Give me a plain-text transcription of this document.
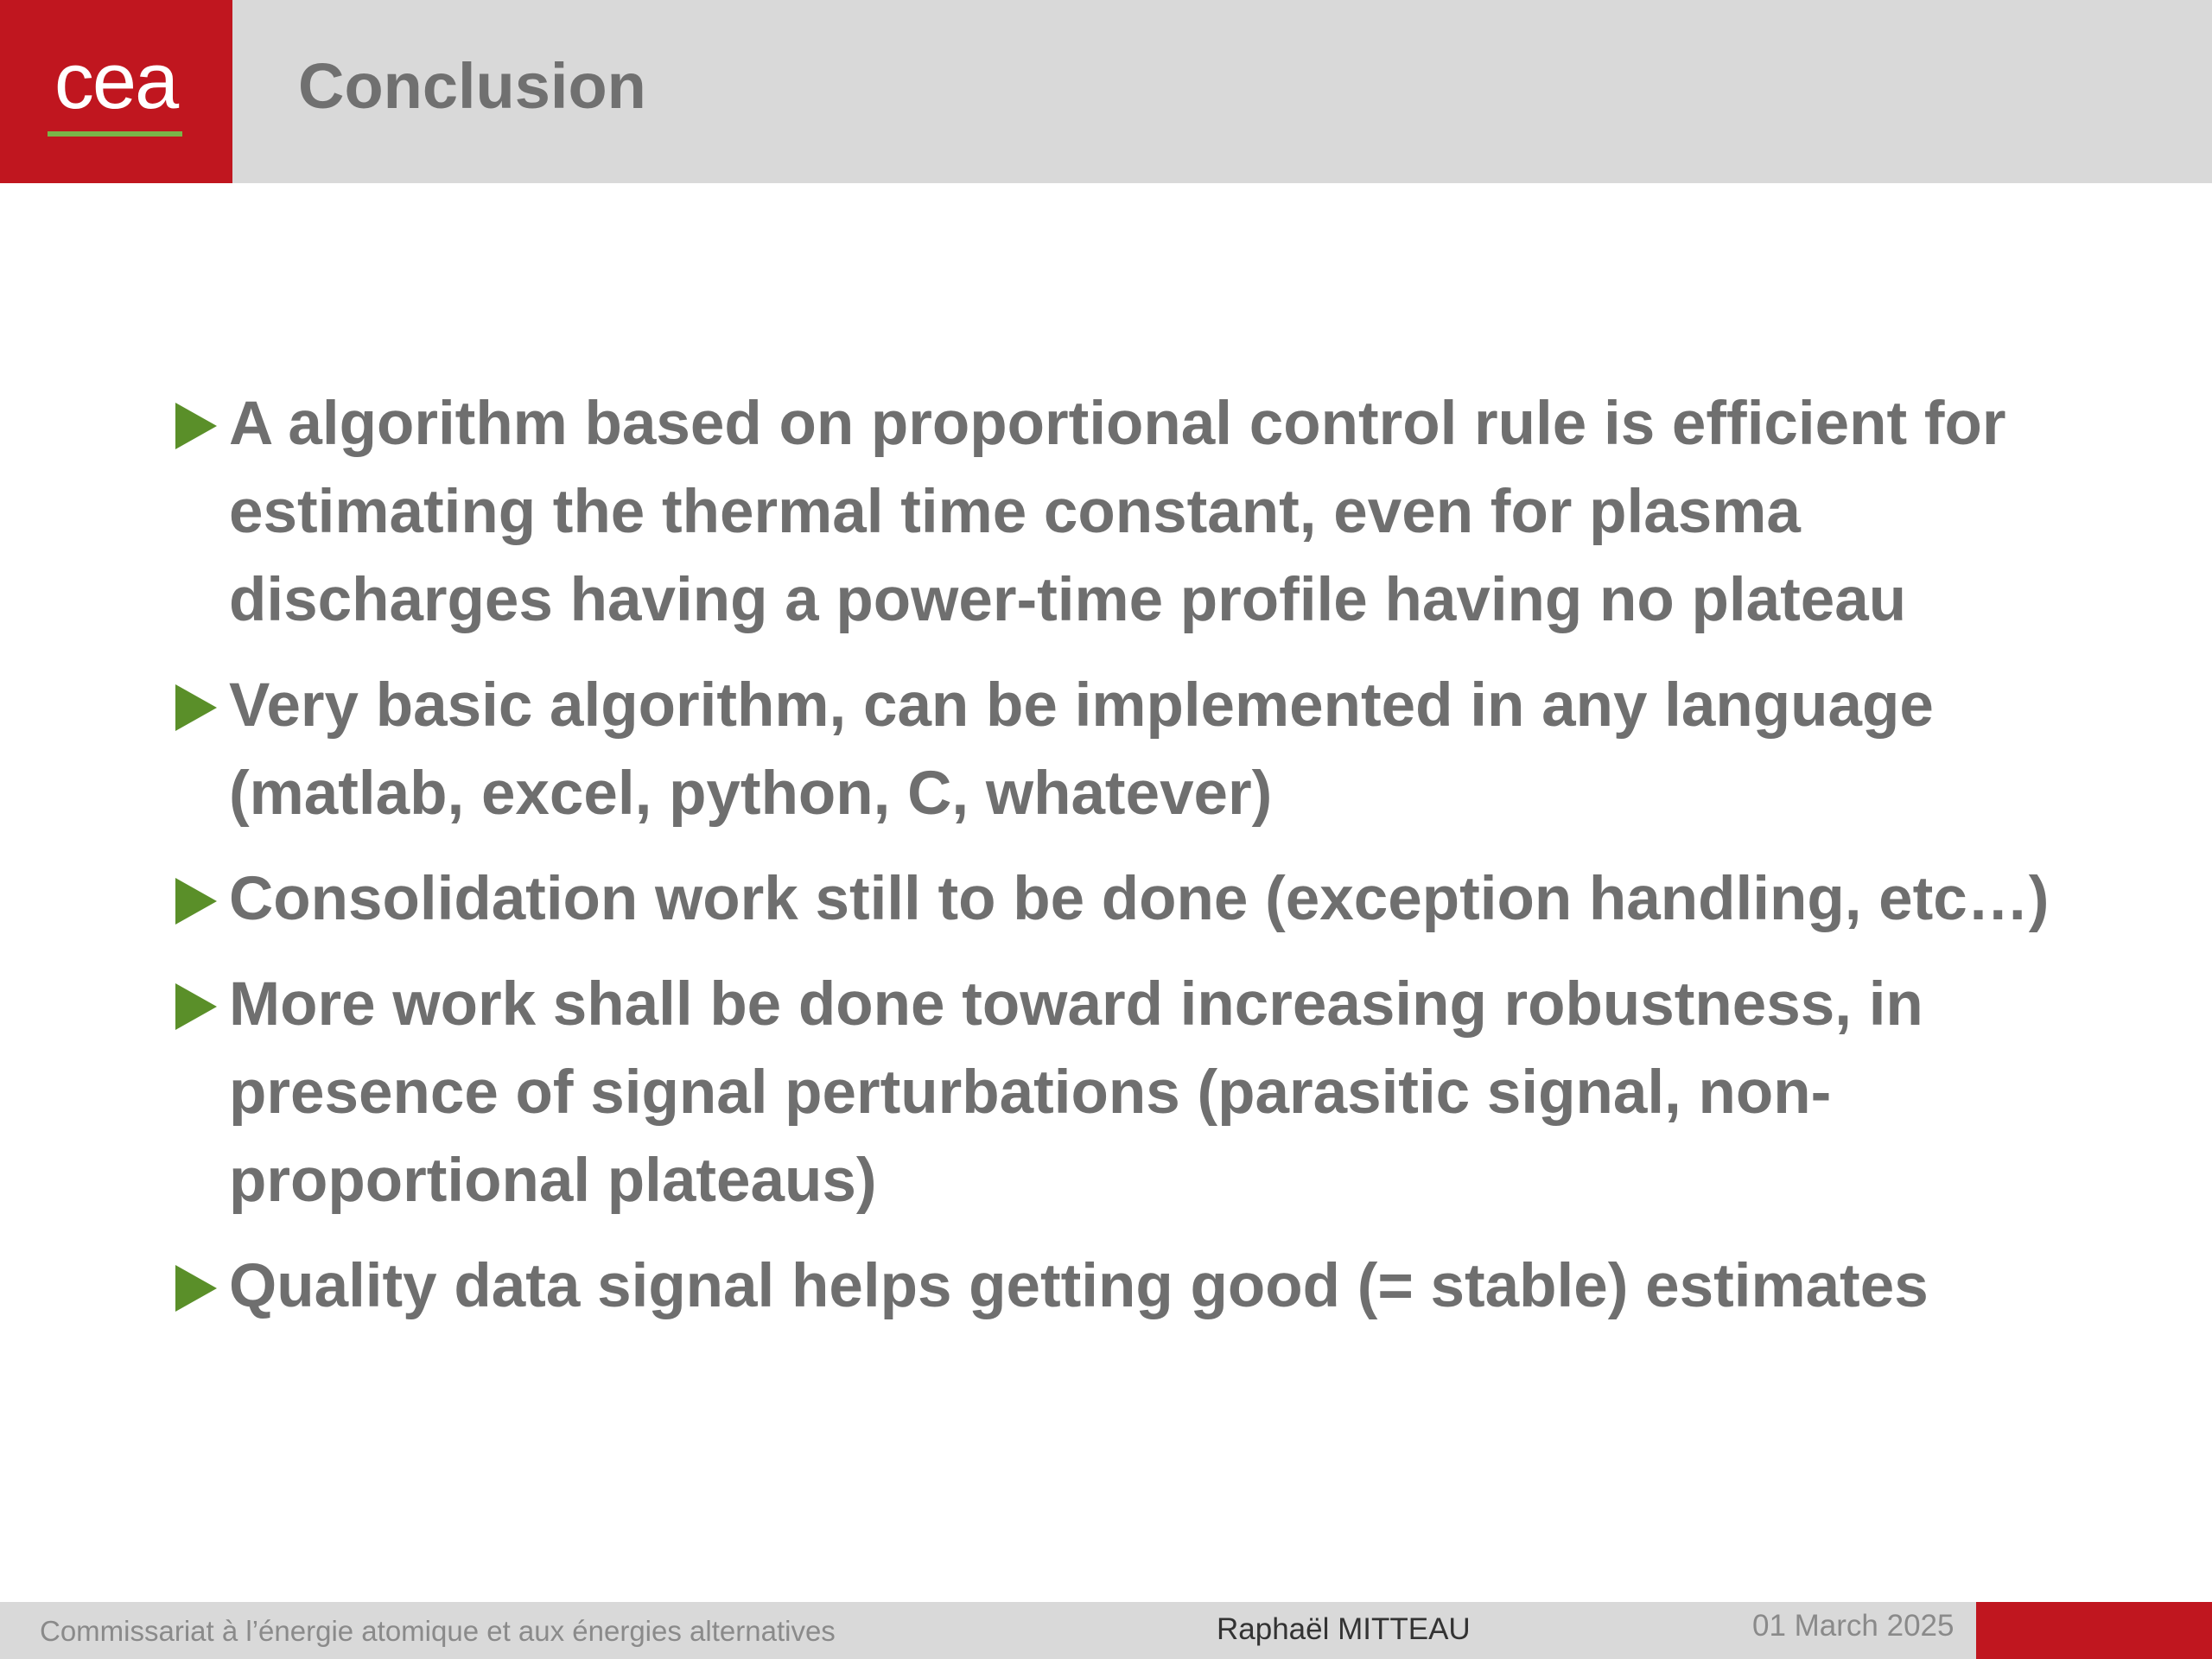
cea Conclusion
A algorithm based on proportional control rule is efficient for estimating the thermal time constant, even for plasma discharges having a power-time profile having no plateau
Very basic algorithm, can be implemented in any language (matlab, excel, python, C, whatever)
Consolidation work still to be done (exception handling, etc…)
More work shall be done toward increasing robustness, in presence of signal perturbations (parasitic signal, non-proportional plateaus)
Quality data signal helps getting good (= stable) estimates
Commissariat à l’énergie atomique et aux énergies alternatives	Raphaël MITTEAU	01 March 2025
